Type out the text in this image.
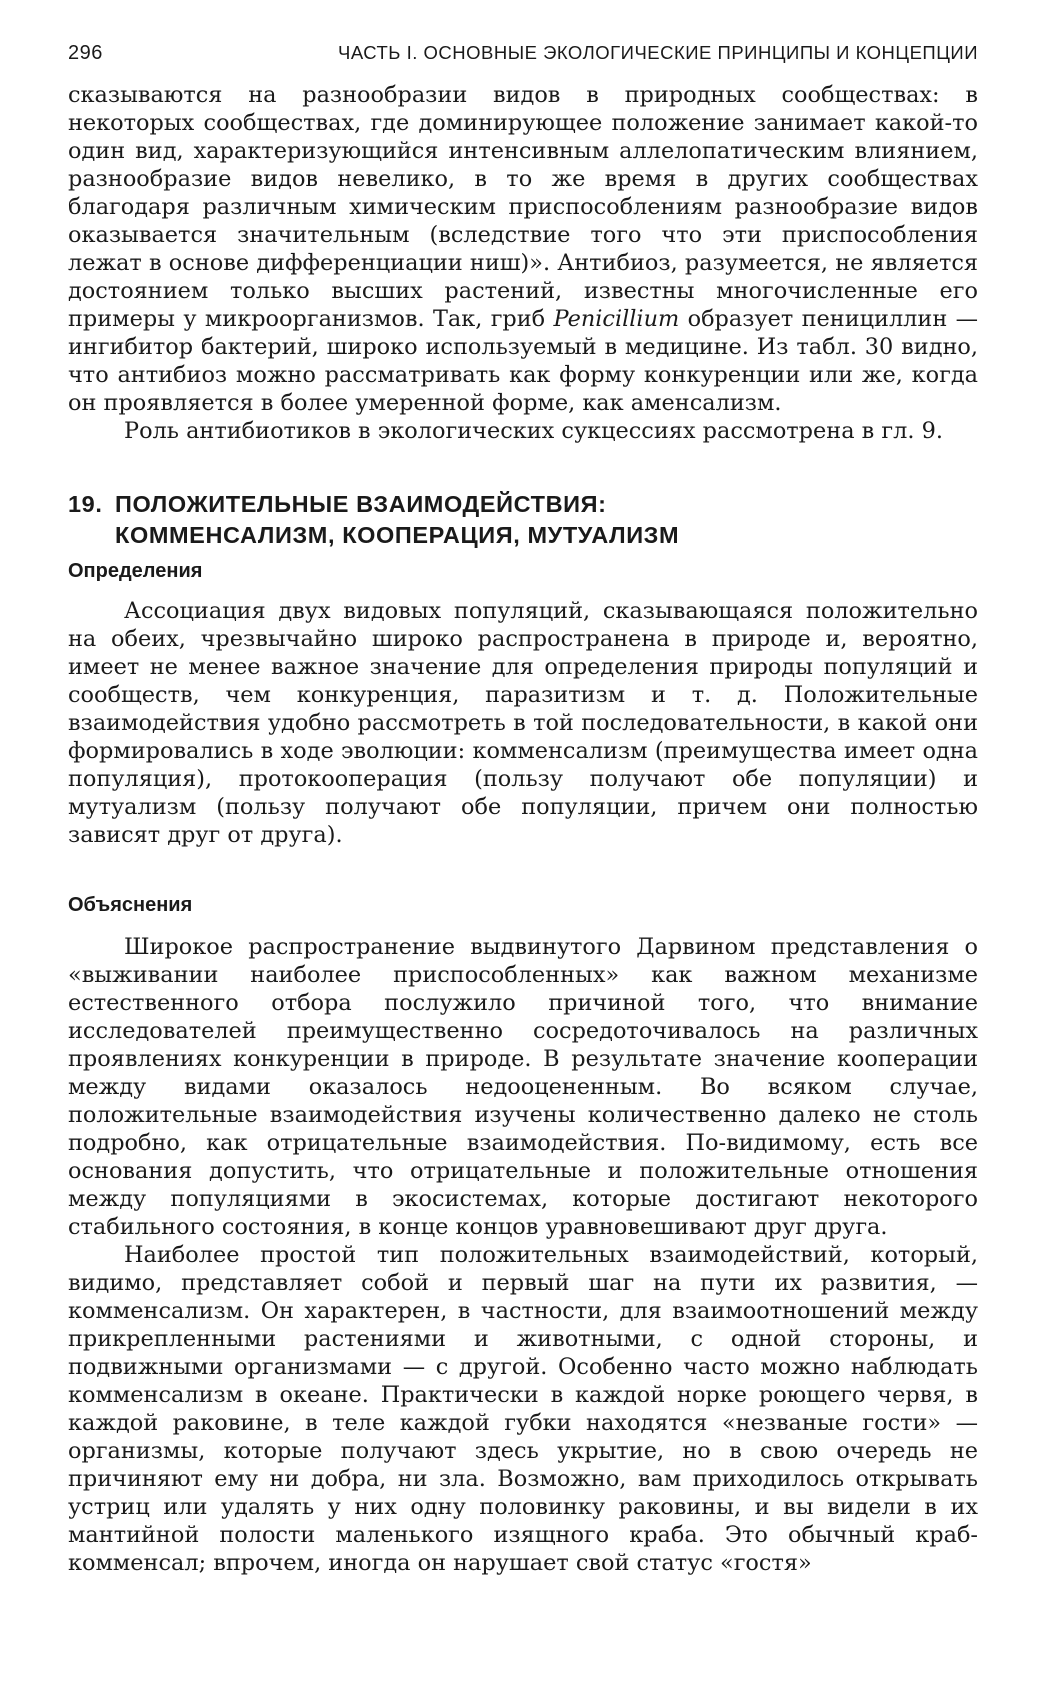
296	ЧАСТЬ I. ОСНОВНЫЕ ЭКОЛОГИЧЕСКИЕ ПРИНЦИПЫ И КОНЦЕПЦИИ

сказываются на разнообразии видов в природных сообществах: в некоторых сообществах, где доминирующее положение занимает какой-то один вид, характеризующийся интенсивным аллелопатическим влиянием, разнообразие видов невелико, в то же время в других сообществах благодаря различным химическим приспособлениям разнообразие видов оказывается значительным (вследствие того что эти приспособления лежат в основе дифференциации ниш)». Антибиоз, разумеется, не является достоянием только высших растений, известны многочисленные его примеры у микроорганизмов. Так, гриб Penicillium образует пенициллин — ингибитор бактерий, широко используемый в медицине. Из табл. 30 видно, что антибиоз можно рассматривать как форму конкуренции или же, когда он проявляется в более умеренной форме, как аменсализм.

Роль антибиотиков в экологических сукцессиях рассмотрена в гл. 9.

19. ПОЛОЖИТЕЛЬНЫЕ ВЗАИМОДЕЙСТВИЯ:
КОММЕНСАЛИЗМ, КООПЕРАЦИЯ, МУТУАЛИЗМ
Определения

Ассоциация двух видовых популяций, сказывающаяся положительно на обеих, чрезвычайно широко распространена в природе и, вероятно, имеет не менее важное значение для определения природы популяций и сообществ, чем конкуренция, паразитизм и т. д. Положительные взаимодействия удобно рассмотреть в той последовательности, в какой они формировались в ходе эволюции: комменсализм (преимущества имеет одна популяция), протокооперация (пользу получают обе популяции) и мутуализм (пользу получают обе популяции, причем они полностью зависят друг от друга).

Объяснения

Широкое распространение выдвинутого Дарвином представления о «выживании наиболее приспособленных» как важном механизме естественного отбора послужило причиной того, что внимание исследователей преимущественно сосредоточивалось на различных проявлениях конкуренции в природе. В результате значение кооперации между видами оказалось недооцененным. Во всяком случае, положительные взаимодействия изучены количественно далеко не столь подробно, как отрицательные взаимодействия. По-видимому, есть все основания допустить, что отрицательные и положительные отношения между популяциями в экосистемах, которые достигают некоторого стабильного состояния, в конце концов уравновешивают друг друга.

Наиболее простой тип положительных взаимодействий, который, видимо, представляет собой и первый шаг на пути их развития, — комменсализм. Он характерен, в частности, для взаимоотношений между прикрепленными растениями и животными, с одной стороны, и подвижными организмами — с другой. Особенно часто можно наблюдать комменсализм в океане. Практически в каждой норке роющего червя, в каждой раковине, в теле каждой губки находятся «незваные гости» — организмы, которые получают здесь укрытие, но в свою очередь не причиняют ему ни добра, ни зла. Возможно, вам приходилось открывать устриц или удалять у них одну половинку раковины, и вы видели в их мантийной полости маленького изящного краба. Это обычный краб-комменсал; впрочем, иногда он нарушает свой статус «гостя»
